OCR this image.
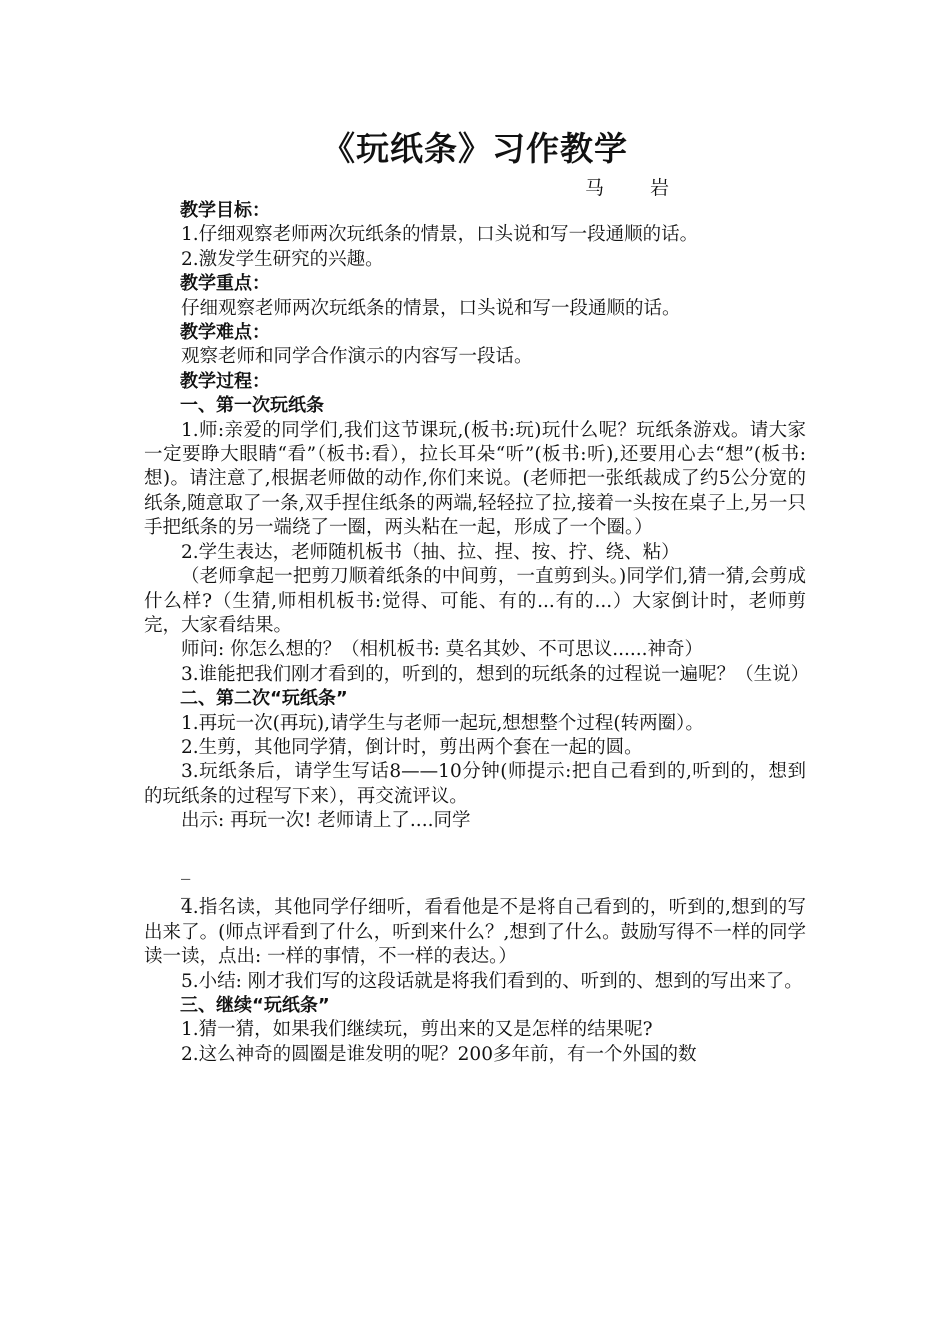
《玩纸条》习作教学
马 岩

教学目标：

1.仔细观察老师两次玩纸条的情景，口头说和写一段通顺的话。

2.激发学生研究的兴趣。

教学重点：

仔细观察老师两次玩纸条的情景，口头说和写一段通顺的话。

教学难点：

观察老师和同学合作演示的内容写一段话。

教学过程：

一、第一次玩纸条

1.师:亲爱的同学们,我们这节课玩,(板书:玩)玩什么呢？玩纸条游戏。请大家一定要睁大眼睛“看”（板书:看），拉长耳朵“听”(板书:听),还要用心去“想”(板书:想)。请注意了,根据老师做的动作,你们来说。(老师把一张纸裁成了约5公分宽的纸条,随意取了一条,双手捏住纸条的两端,轻轻拉了拉,接着一头按在桌子上,另一只手把纸条的另一端绕了一圈，两头粘在一起，形成了一个圈。）

2.学生表达，老师随机板书（抽、拉、捏、按、拧、绕、粘）

（老师拿起一把剪刀顺着纸条的中间剪，一直剪到头。)同学们,猜一猜,会剪成什么样?（生猜,师相机板书:觉得、可能、有的...有的...）大家倒计时，老师剪完，大家看结果。

师问: 你怎么想的？（相机板书: 莫名其妙、不可思议......神奇）

3.谁能把我们刚才看到的，听到的，想到的玩纸条的过程说一遍呢？（生说）

二、第二次“玩纸条”

1.再玩一次(再玩),请学生与老师一起玩,想想整个过程(转两圈）。

2.生剪，其他同学猜，倒计时，剪出两个套在一起的圆。

3.玩纸条后，请学生写话8——10分钟(师提示:把自己看到的,听到的，想到的玩纸条的过程写下来），再交流评议。

出示: 再玩一次! 老师请上了....同学

_

_

4.指名读，其他同学仔细听，看看他是不是将自己看到的，听到的,想到的写出来了。(师点评看到了什么，听到来什么？,想到了什么。鼓励写得不一样的同学读一读，点出: 一样的事情，不一样的表达。）

5.小结: 刚才我们写的这段话就是将我们看到的、听到的、想到的写出来了。

三、继续“玩纸条”

1.猜一猜，如果我们继续玩，剪出来的又是怎样的结果呢?

2.这么神奇的圆圈是谁发明的呢？200多年前，有一个外国的数
